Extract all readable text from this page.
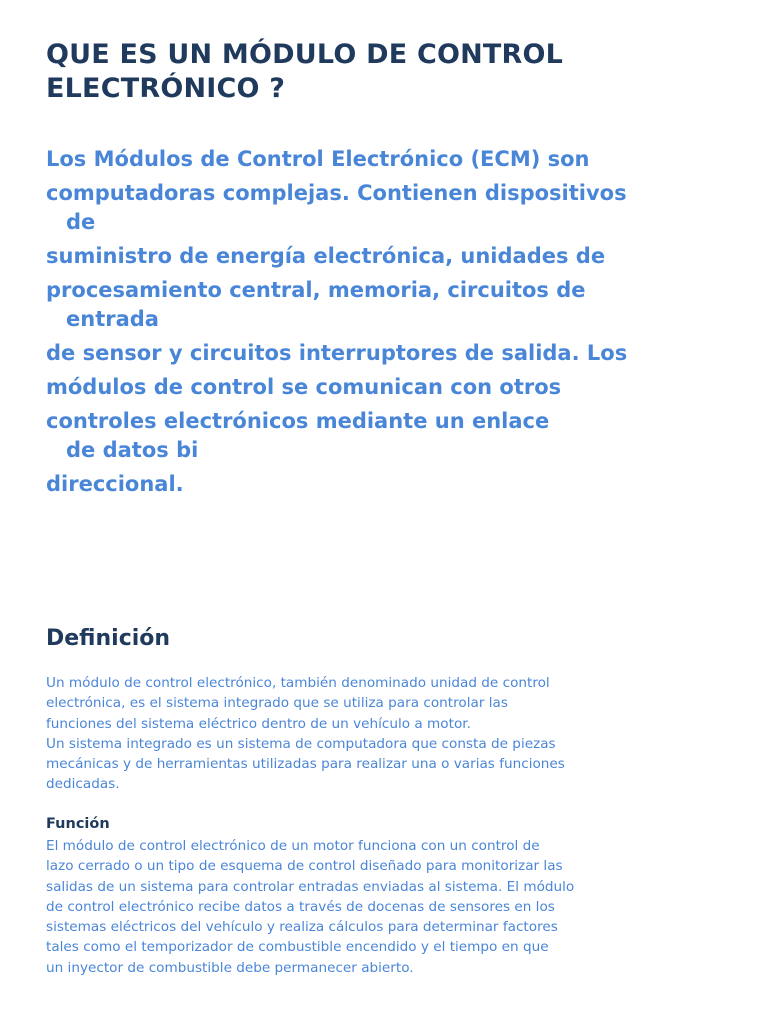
QUE ES UN MÓDULO DE CONTROL
ELECTRÓNICO ?
Los Módulos de Control Electrónico (ECM) son
computadoras complejas. Contienen dispositivos
de
suministro de energía electrónica, unidades de
procesamiento central, memoria, circuitos de
entrada
de sensor y circuitos interruptores de salida. Los
módulos de control se comunican con otros
controles electrónicos mediante un enlace
de datos bi
direccional.
Definición
Un módulo de control electrónico, también denominado unidad de control
electrónica, es el sistema integrado que se utiliza para controlar las
funciones del sistema eléctrico dentro de un vehículo a motor.
Un sistema integrado es un sistema de computadora que consta de piezas
mecánicas y de herramientas utilizadas para realizar una o varias funciones
dedicadas.
Función
El módulo de control electrónico de un motor funciona con un control de
lazo cerrado o un tipo de esquema de control diseñado para monitorizar las
salidas de un sistema para controlar entradas enviadas al sistema. El módulo
de control electrónico recibe datos a través de docenas de sensores en los
sistemas eléctricos del vehículo y realiza cálculos para determinar factores
tales como el temporizador de combustible encendido y el tiempo en que
un inyector de combustible debe permanecer abierto.
